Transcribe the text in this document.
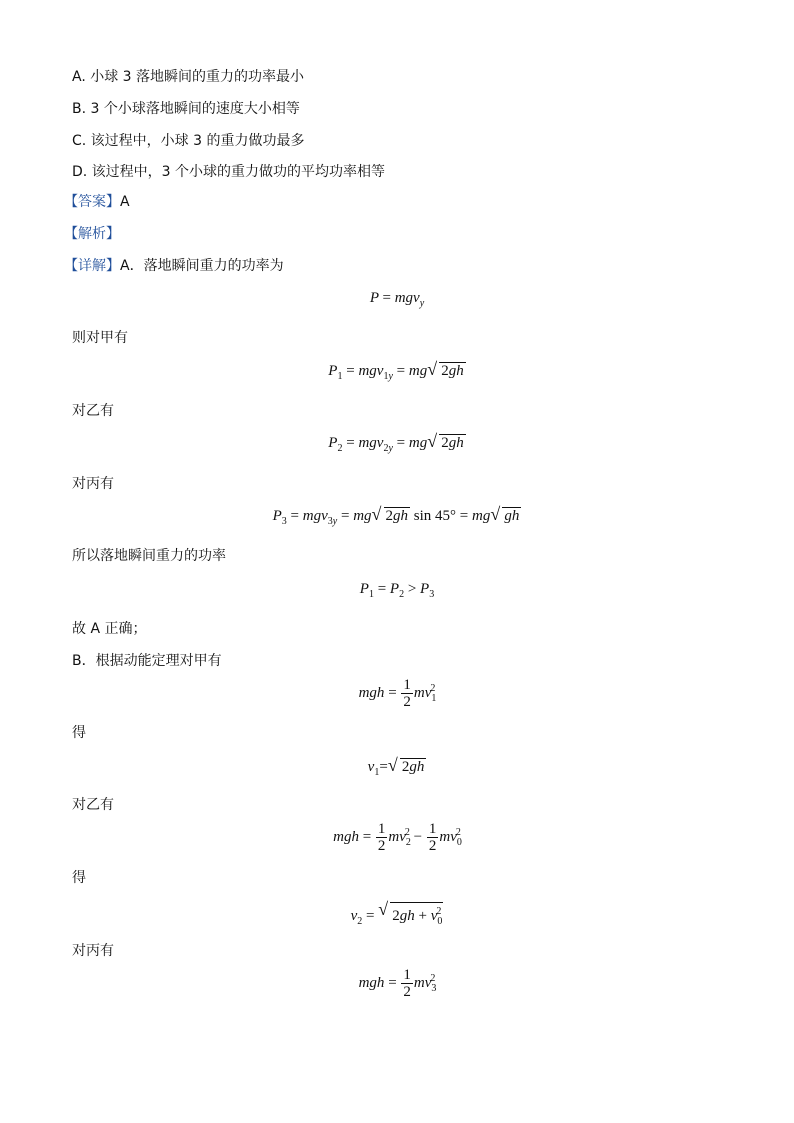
A. 小球 3 落地瞬间的重力的功率最小
B. 3 个小球落地瞬间的速度大小相等
C. 该过程中，小球 3 的重力做功最多
D. 该过程中，3 个小球的重力做功的平均功率相等
【答案】A
【解析】
【详解】A．落地瞬间重力的功率为
P = mgv$_y$
则对甲有
$P_1 = mgv_{1y} = mg√$ 2gh
对乙有
$P_2 = mgv_{2y} = mg√$ 2gh
对丙有
$P_3 = mgv_{3y} = mg√$ 2gh sin 45° = mg√ gh
所以落地瞬间重力的功率
$P_1 = P_2 > P_3$
故 A 正确；
B．根据动能定理对甲有
mgh = $\frac{1}{2} mv_1^2$
得
$v_1=√$ 2gh
对乙有
mgh = $\frac{1}{2} mv_2^2 - \frac{1}{2} mv_0^2$
得
$v_2$ = √ $2gh + v_0^2$
对丙有
mgh = $\frac{1}{2} mv_3^2$
